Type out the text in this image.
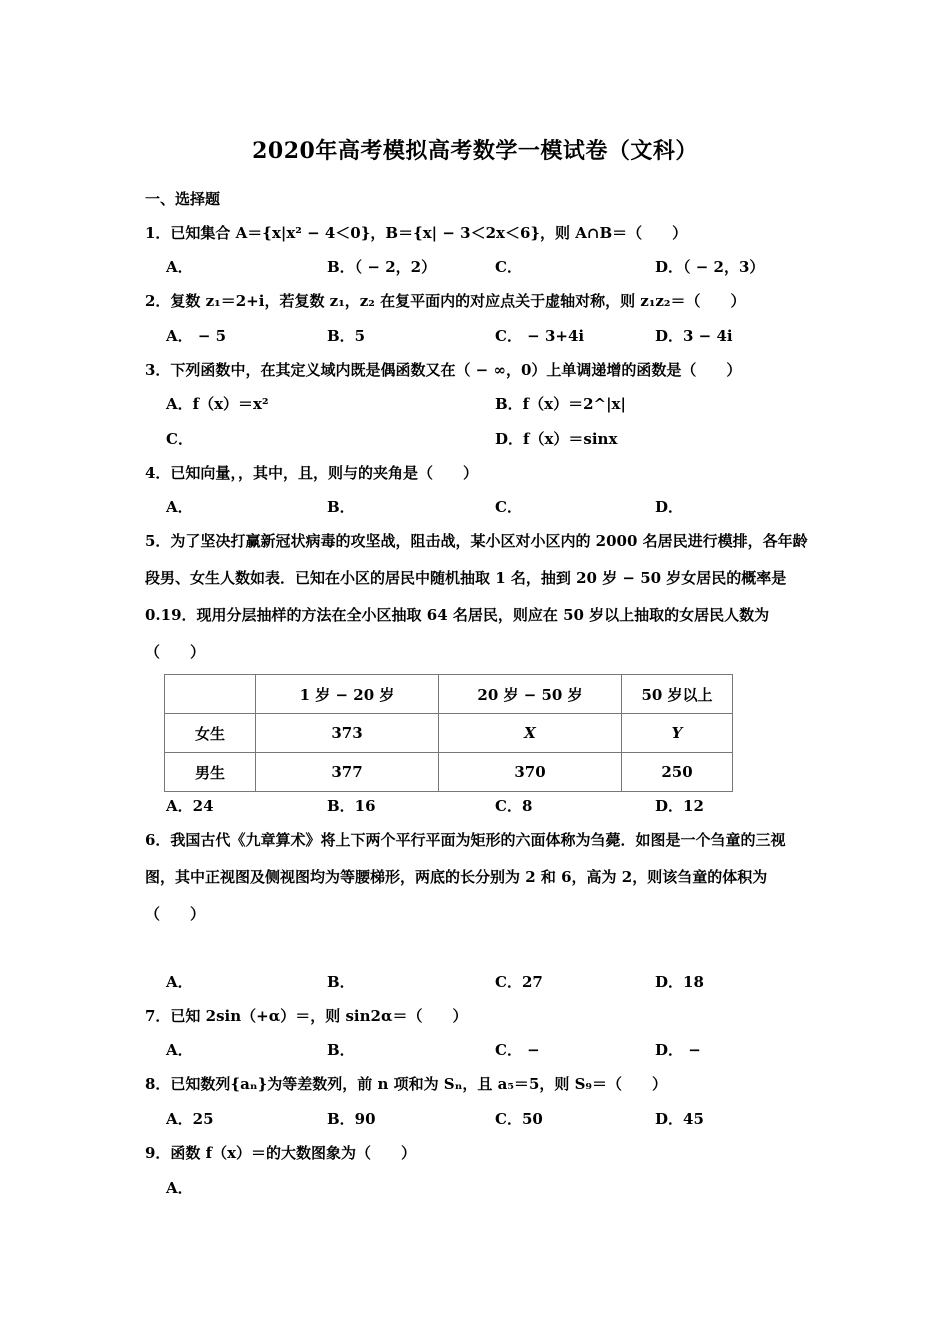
2020年高考模拟高考数学一模试卷（文科）
一、选择题
1．已知集合 A＝{x|x² − 4＜0}，B＝{x| − 3＜2x＜6}，则 A∩B＝（　　）
A．	B．（ − 2，2）	C．	D．（ − 2，3）
2．复数 z₁＝2+i，若复数 z₁，z₂ 在复平面内的对应点关于虚轴对称，则 z₁z₂＝（　　）
A． − 5	B．5	C． − 3+4i	D．3 − 4i
3．下列函数中，在其定义域内既是偶函数又在（ − ∞，0）上单调递增的函数是（　　）
A．f（x）＝x²	B．f（x）＝2^|x|
C．	D．f（x）＝sinx
4．已知向量，，其中，且，则与的夹角是（　　）
A．	B．	C．	D．
5．为了坚决打赢新冠状病毒的攻坚战，阻击战，某小区对小区内的 2000 名居民进行模排，各年龄段男、女生人数如表．已知在小区的居民中随机抽取 1 名，抽到 20 岁 − 50 岁女居民的概率是 0.19．现用分层抽样的方法在全小区抽取 64 名居民，则应在 50 岁以上抽取的女居民人数为（　　）
	1 岁 − 20 岁	20 岁 − 50 岁	50 岁以上
女生	373	X	Y
男生	377	370	250
A．24	B．16	C．8	D．12
6．我国古代《九章算术》将上下两个平行平面为矩形的六面体称为刍薨．如图是一个刍童的三视图，其中正视图及侧视图均为等腰梯形，两底的长分别为 2 和 6，高为 2，则该刍童的体积为（　　）
A．	B．	C．27	D．18
7．已知 2sin（+α）＝，则 sin2α＝（　　）
A．	B．	C． −	D． −
8．已知数列{aₙ}为等差数列，前 n 项和为 Sₙ，且 a₅＝5，则 S₉＝（　　）
A．25	B．90	C．50	D．45
9．函数 f（x）＝的大数图象为（　　）
A．
